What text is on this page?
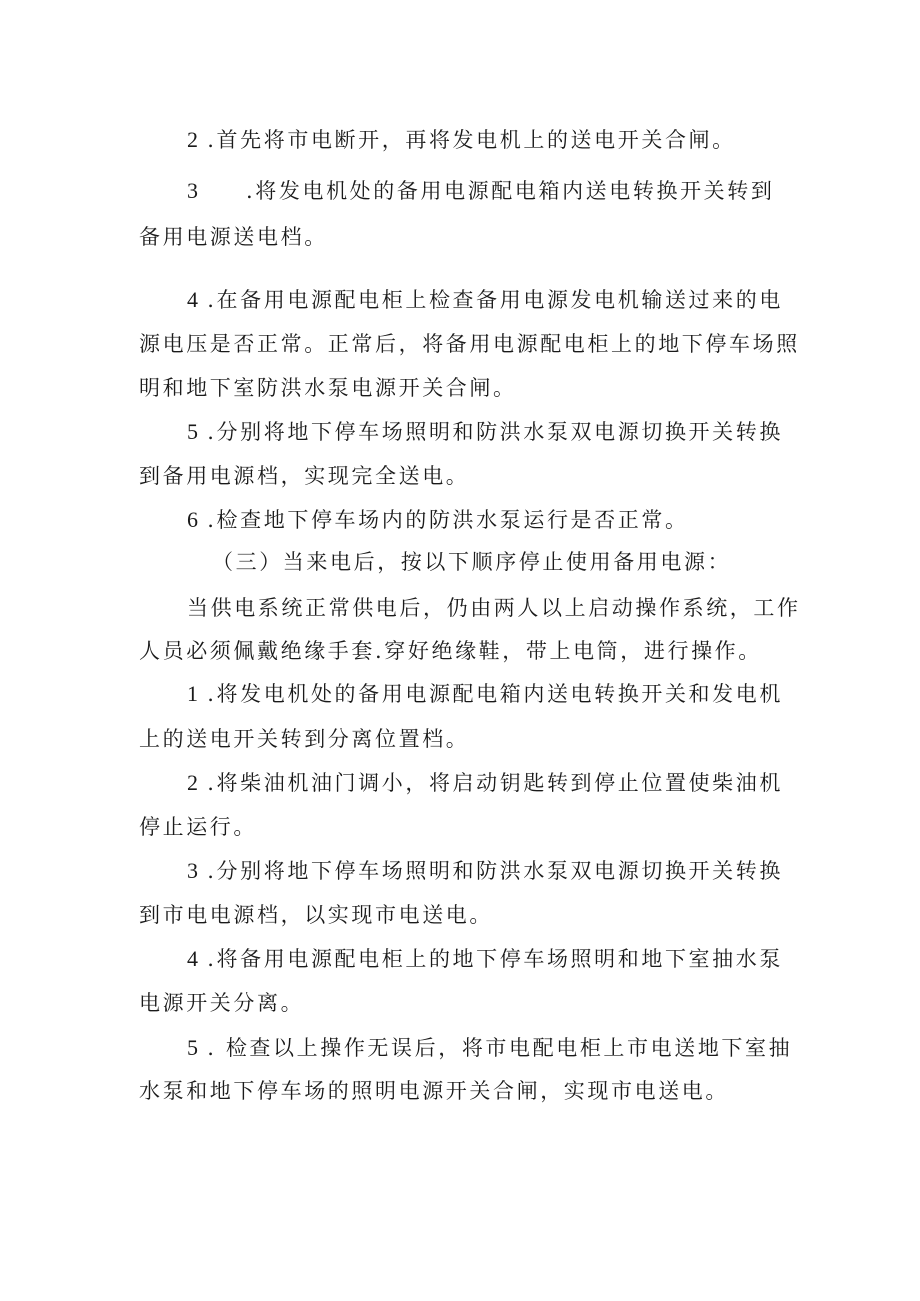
2 .首先将市电断开，再将发电机上的送电开关合闸。
3 .将发电机处的备用电源配电箱内送电转换开关转到
备用电源送电档。
4 .在备用电源配电柜上检查备用电源发电机输送过来的电
源电压是否正常。正常后，将备用电源配电柜上的地下停车场照
明和地下室防洪水泵电源开关合闸。
5 .分别将地下停车场照明和防洪水泵双电源切换开关转换
到备用电源档，实现完全送电。
6 .检查地下停车场内的防洪水泵运行是否正常。
（三）当来电后，按以下顺序停止使用备用电源：
当供电系统正常供电后，仍由两人以上启动操作系统，工作
人员必须佩戴绝缘手套.穿好绝缘鞋，带上电筒，进行操作。
1 .将发电机处的备用电源配电箱内送电转换开关和发电机
上的送电开关转到分离位置档。
2 .将柴油机油门调小，将启动钥匙转到停止位置使柴油机
停止运行。
3 .分别将地下停车场照明和防洪水泵双电源切换开关转换
到市电电源档，以实现市电送电。
4 .将备用电源配电柜上的地下停车场照明和地下室抽水泵
电源开关分离。
5 . 检查以上操作无误后，将市电配电柜上市电送地下室抽
水泵和地下停车场的照明电源开关合闸，实现市电送电。
